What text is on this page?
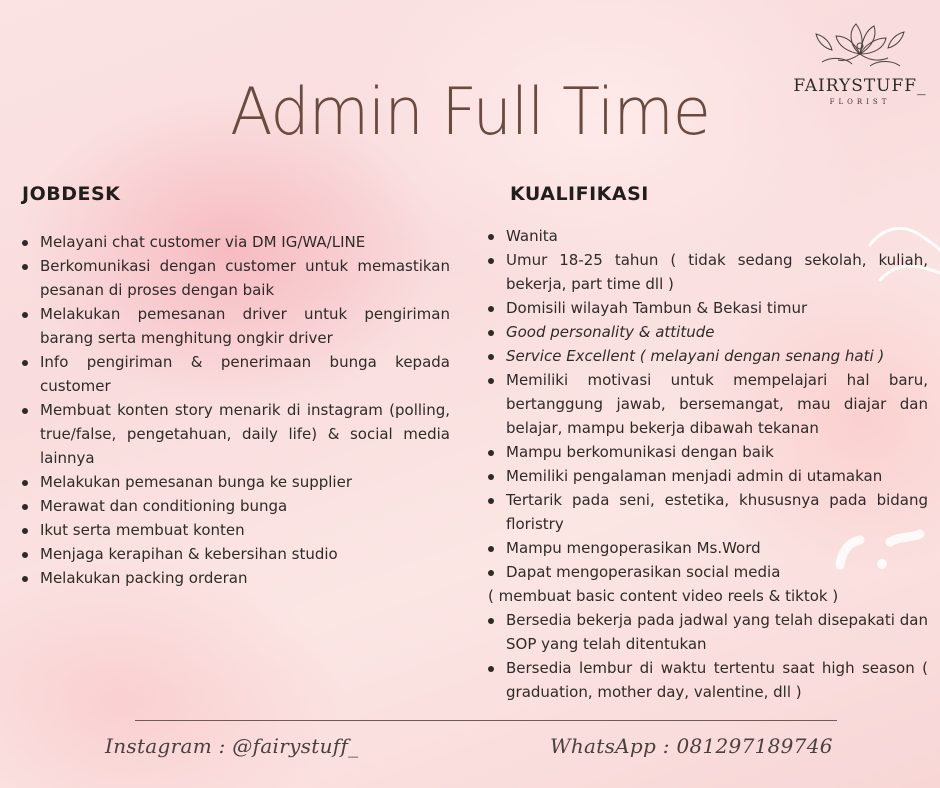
Admin Full Time	FAIRYSTUFF_
FLORIST
JOBDESK	KUALIFIKASI
Melayani chat customer via DM IG/WA/LINE
Berkomunikasi dengan customer untuk memastikan pesanan di proses dengan baik
Melakukan pemesanan driver untuk pengiriman barang serta menghitung ongkir driver
Info pengiriman & penerimaan bunga kepada customer
Membuat konten story menarik di instagram (polling, true/false, pengetahuan, daily life) & social media lainnya
Melakukan pemesanan bunga ke supplier
Merawat dan conditioning bunga
Ikut serta membuat konten
Menjaga kerapihan & kebersihan studio
Melakukan packing orderan
Wanita
Umur 18-25 tahun ( tidak sedang sekolah, kuliah, bekerja, part time dll )
Domisili wilayah Tambun & Bekasi timur
Good personality & attitude
Service Excellent ( melayani dengan senang hati )
Memiliki motivasi untuk mempelajari hal baru, bertanggung jawab, bersemangat, mau diajar dan belajar, mampu bekerja dibawah tekanan
Mampu berkomunikasi dengan baik
Memiliki pengalaman menjadi admin di utamakan
Tertarik pada seni, estetika, khususnya pada bidang floristry
Mampu mengoperasikan Ms.Word
Dapat mengoperasikan social media
( membuat basic content video reels & tiktok )
Bersedia bekerja pada jadwal yang telah disepakati dan SOP yang telah ditentukan
Bersedia lembur di waktu tertentu saat high season ( graduation, mother day, valentine, dll )
Instagram : @fairystuff_	WhatsApp : 081297189746
